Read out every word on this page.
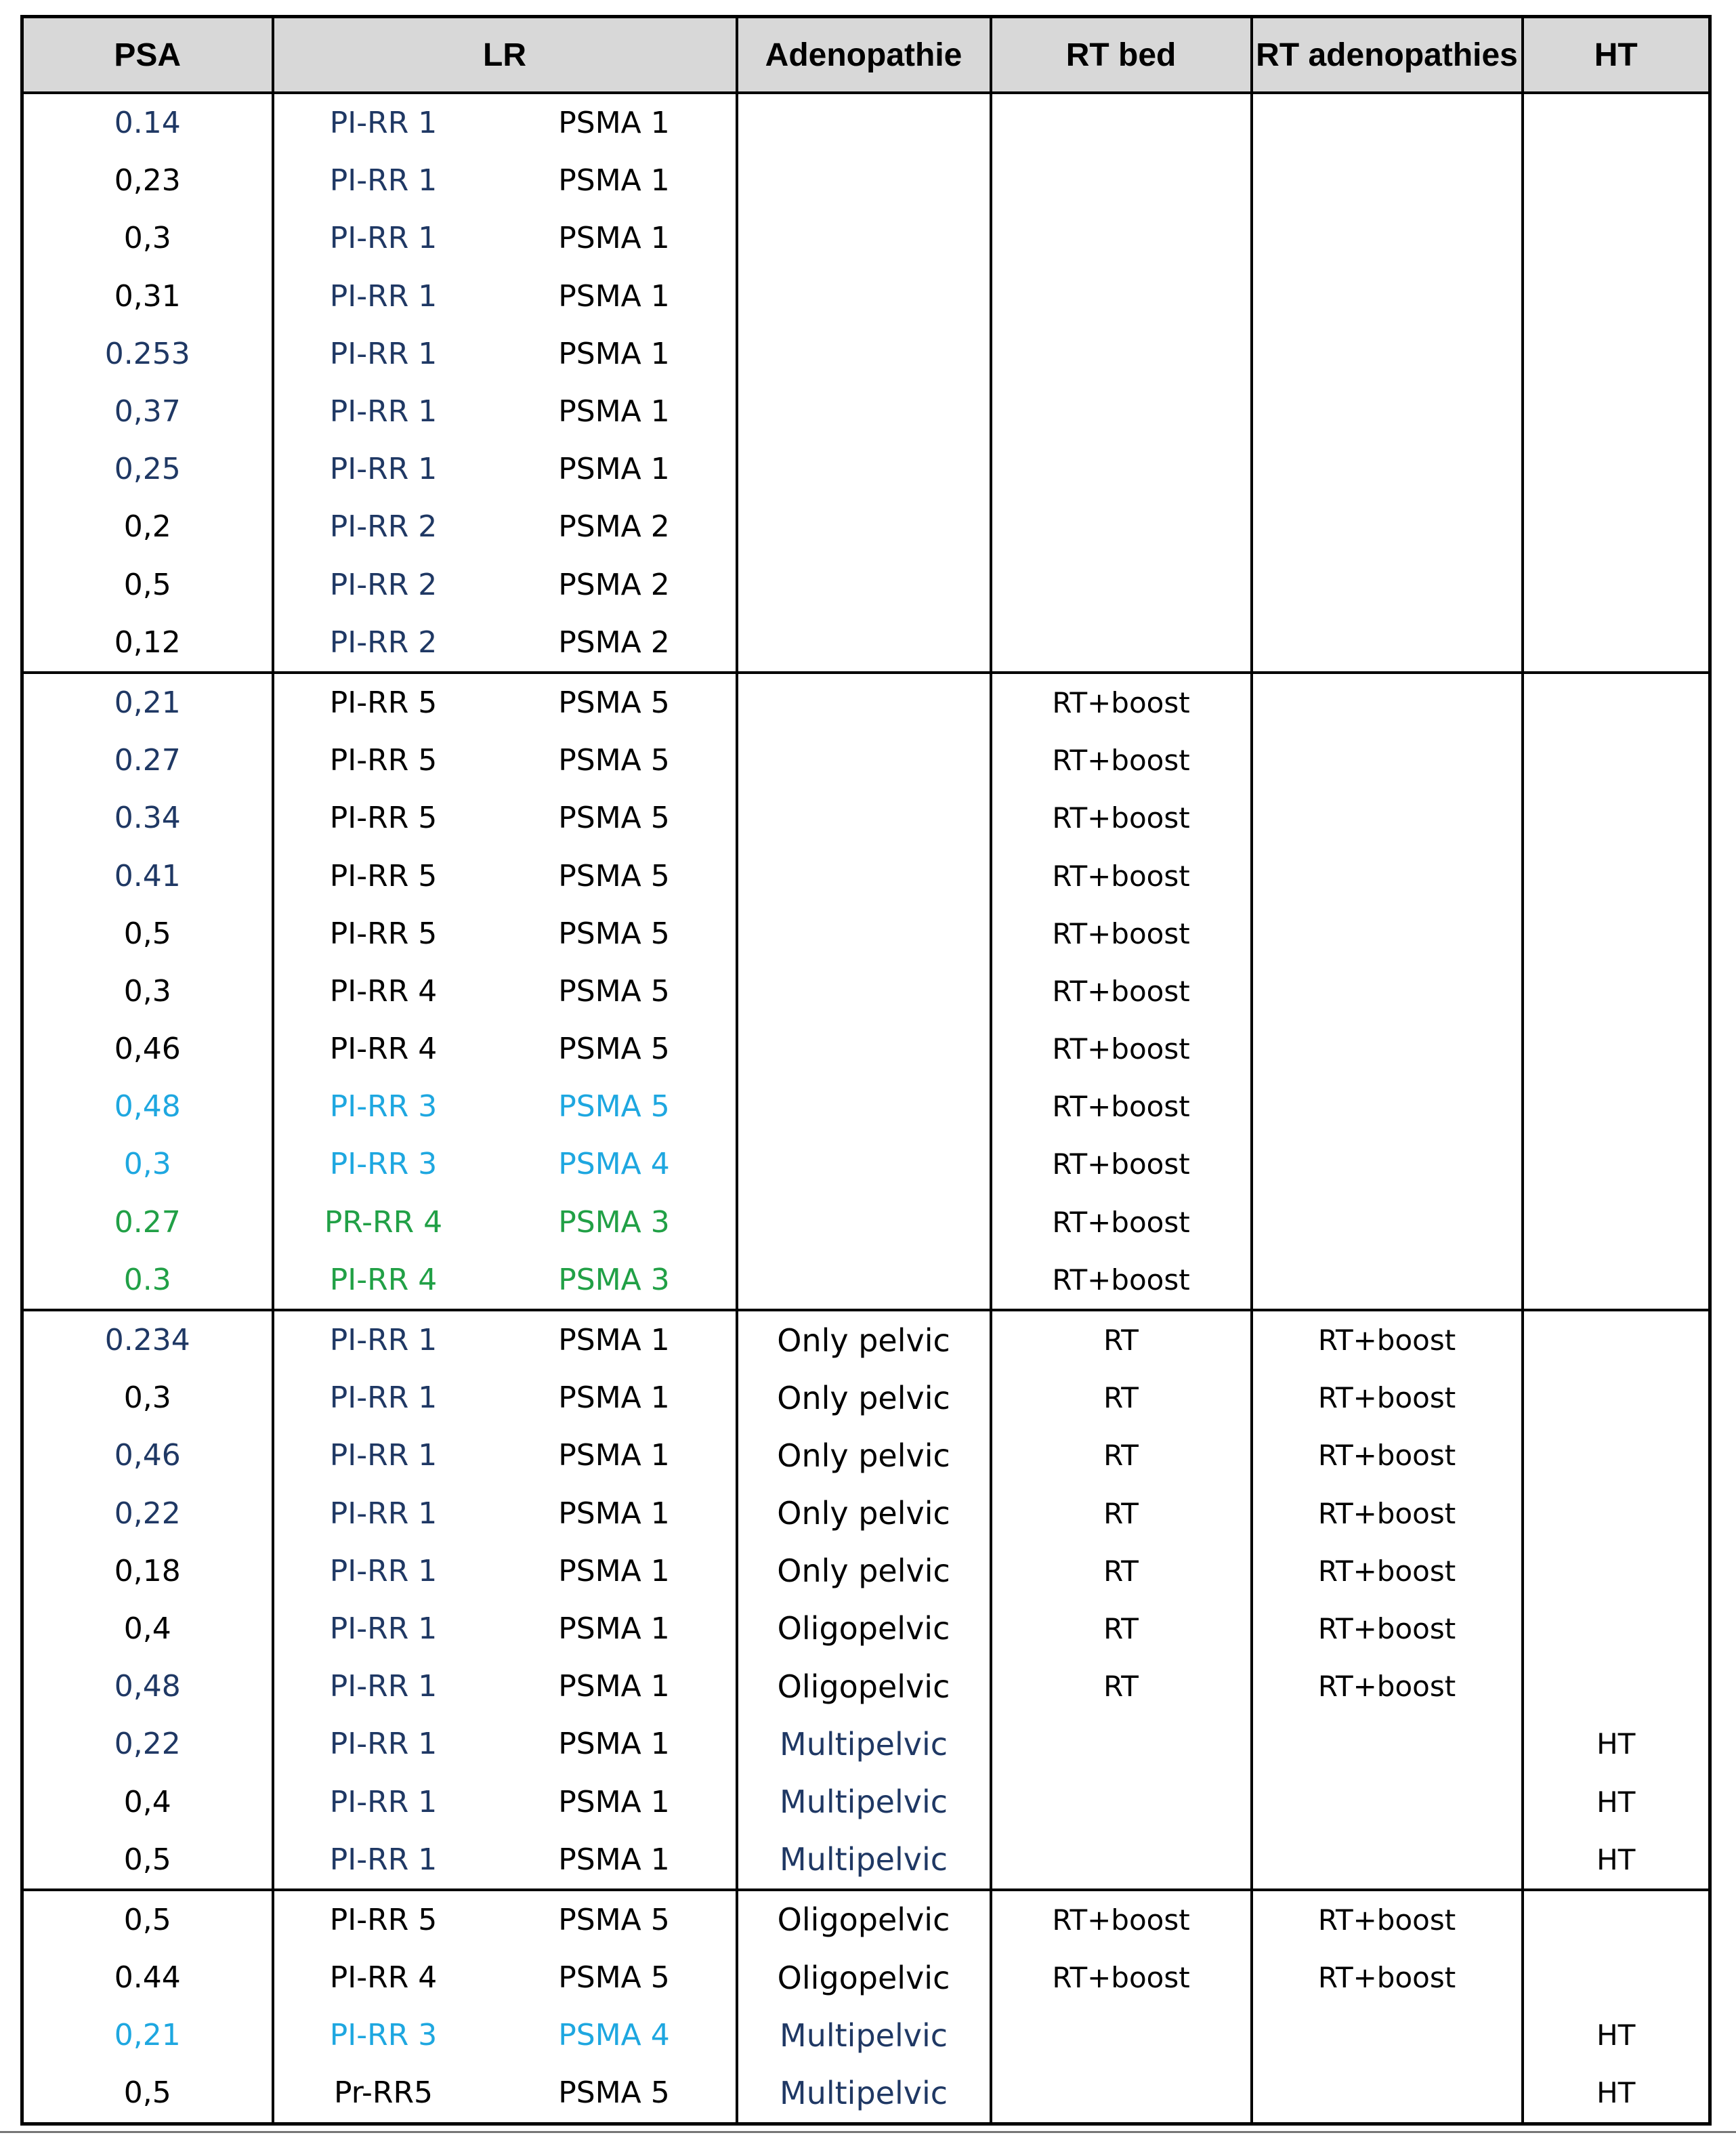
PSA	LR		Adenopathie	RT bed	RT adenopathies	HT
0.14	PI-RR 1	PSMA 1				
0,23	PI-RR 1	PSMA 1				
0,3	PI-RR 1	PSMA 1				
0,31	PI-RR 1	PSMA 1				
0.253	PI-RR 1	PSMA 1				
0,37	PI-RR 1	PSMA 1				
0,25	PI-RR 1	PSMA 1				
0,2	PI-RR 2	PSMA 2				
0,5	PI-RR 2	PSMA 2				
0,12	PI-RR 2	PSMA 2				
0,21	PI-RR 5	PSMA 5		RT+boost		
0.27	PI-RR 5	PSMA 5		RT+boost		
0.34	PI-RR 5	PSMA 5		RT+boost		
0.41	PI-RR 5	PSMA 5		RT+boost		
0,5	PI-RR 5	PSMA 5		RT+boost		
0,3	PI-RR 4	PSMA 5		RT+boost		
0,46	PI-RR 4	PSMA 5		RT+boost		
0,48	PI-RR 3	PSMA 5		RT+boost		
0,3	PI-RR 3	PSMA 4		RT+boost		
0.27	PR-RR 4	PSMA 3		RT+boost		
0.3	PI-RR 4	PSMA 3		RT+boost		
0.234	PI-RR 1	PSMA 1	Only pelvic	RT	RT+boost	
0,3	PI-RR 1	PSMA 1	Only pelvic	RT	RT+boost	
0,46	PI-RR 1	PSMA 1	Only pelvic	RT	RT+boost	
0,22	PI-RR 1	PSMA 1	Only pelvic	RT	RT+boost	
0,18	PI-RR 1	PSMA 1	Only pelvic	RT	RT+boost	
0,4	PI-RR 1	PSMA 1	Oligopelvic	RT	RT+boost	
0,48	PI-RR 1	PSMA 1	Oligopelvic	RT	RT+boost	
0,22	PI-RR 1	PSMA 1	Multipelvic			HT
0,4	PI-RR 1	PSMA 1	Multipelvic			HT
0,5	PI-RR 1	PSMA 1	Multipelvic			HT
0,5	PI-RR 5	PSMA 5	Oligopelvic	RT+boost	RT+boost	
0.44	PI-RR 4	PSMA 5	Oligopelvic	RT+boost	RT+boost	
0,21	PI-RR 3	PSMA 4	Multipelvic			HT
0,5	Pr-RR5	PSMA 5	Multipelvic			HT
